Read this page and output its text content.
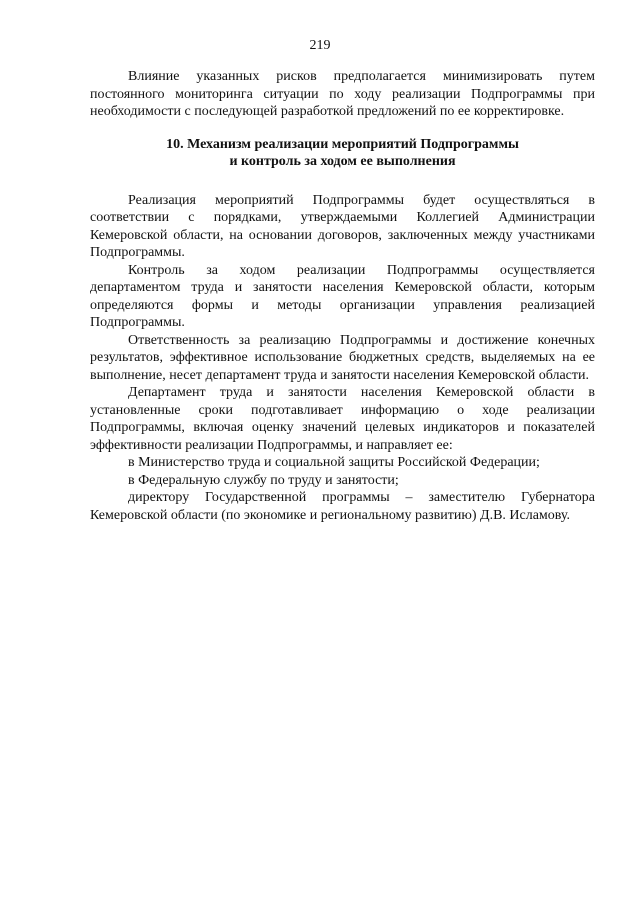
219

Влияние указанных рисков предполагается минимизировать путем постоянного мониторинга ситуации по ходу реализации Подпрограммы при необходимости с последующей разработкой предложений по ее корректировке.

10. Механизм реализации мероприятий Подпрограммы

и контроль за ходом ее выполнения

Реализация мероприятий Подпрограммы будет осуществляться в соответствии с порядками, утверждаемыми Коллегией Администрации Кемеровской области, на основании договоров, заключенных между участниками Подпрограммы.

Контроль за ходом реализации Подпрограммы осуществляется департаментом труда и занятости населения Кемеровской области, которым определяются формы и методы организации управления реализацией Подпрограммы.

Ответственность за реализацию Подпрограммы и достижение конечных результатов, эффективное использование бюджетных средств, выделяемых на ее выполнение, несет департамент труда и занятости населения Кемеровской области.

Департамент труда и занятости населения Кемеровской области в установленные сроки подготавливает информацию о ходе реализации Подпрограммы, включая оценку значений целевых индикаторов и показателей эффективности реализации Подпрограммы, и направляет ее:

в Министерство труда и социальной защиты Российской Федерации;

в Федеральную службу по труду и занятости;

директору Государственной программы – заместителю Губернатора Кемеровской области (по экономике и региональному развитию) Д.В. Исламову.
